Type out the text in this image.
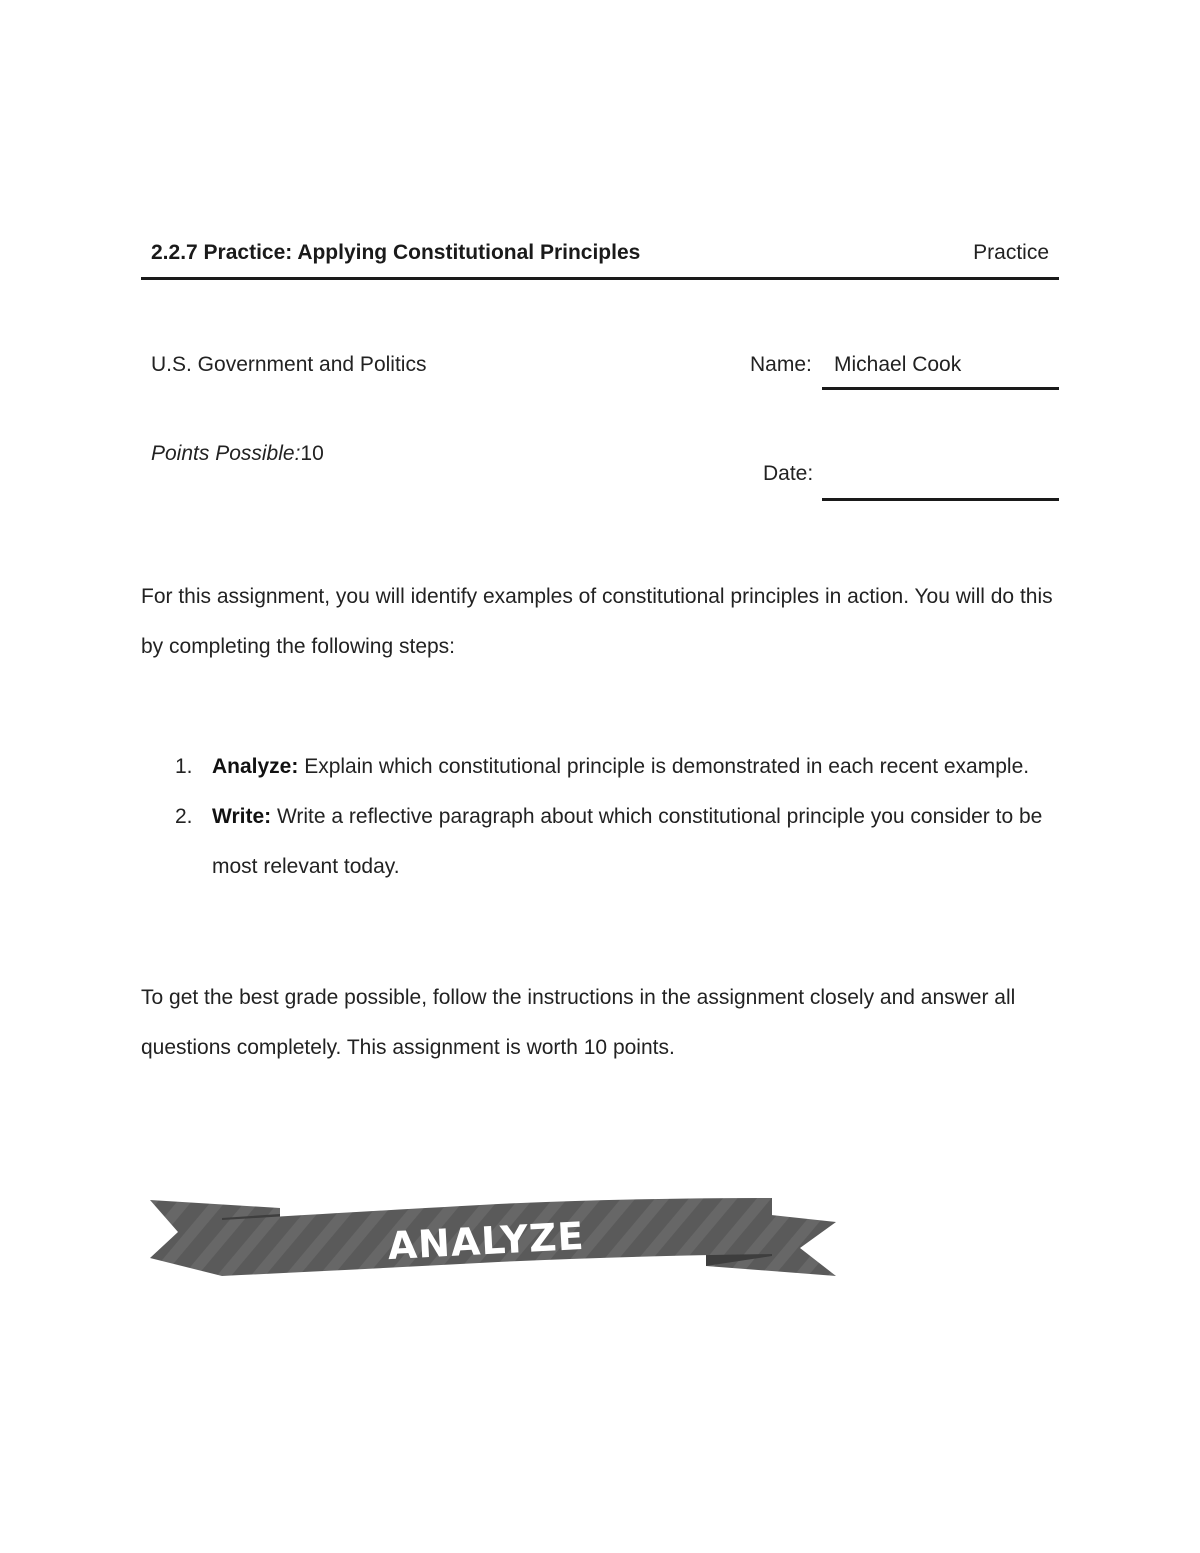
2.2.7 Practice: Applying Constitutional Principles	Practice
U.S. Government and Politics	Name: Michael Cook
Points Possible:10
Date:
For this assignment, you will identify examples of constitutional principles in action. You will do this by completing the following steps:
1. Analyze: Explain which constitutional principle is demonstrated in each recent example.
2. Write: Write a reflective paragraph about which constitutional principle you consider to be most relevant today.
To get the best grade possible, follow the instructions in the assignment closely and answer all questions completely. This assignment is worth 10 points.
ANALYZE
